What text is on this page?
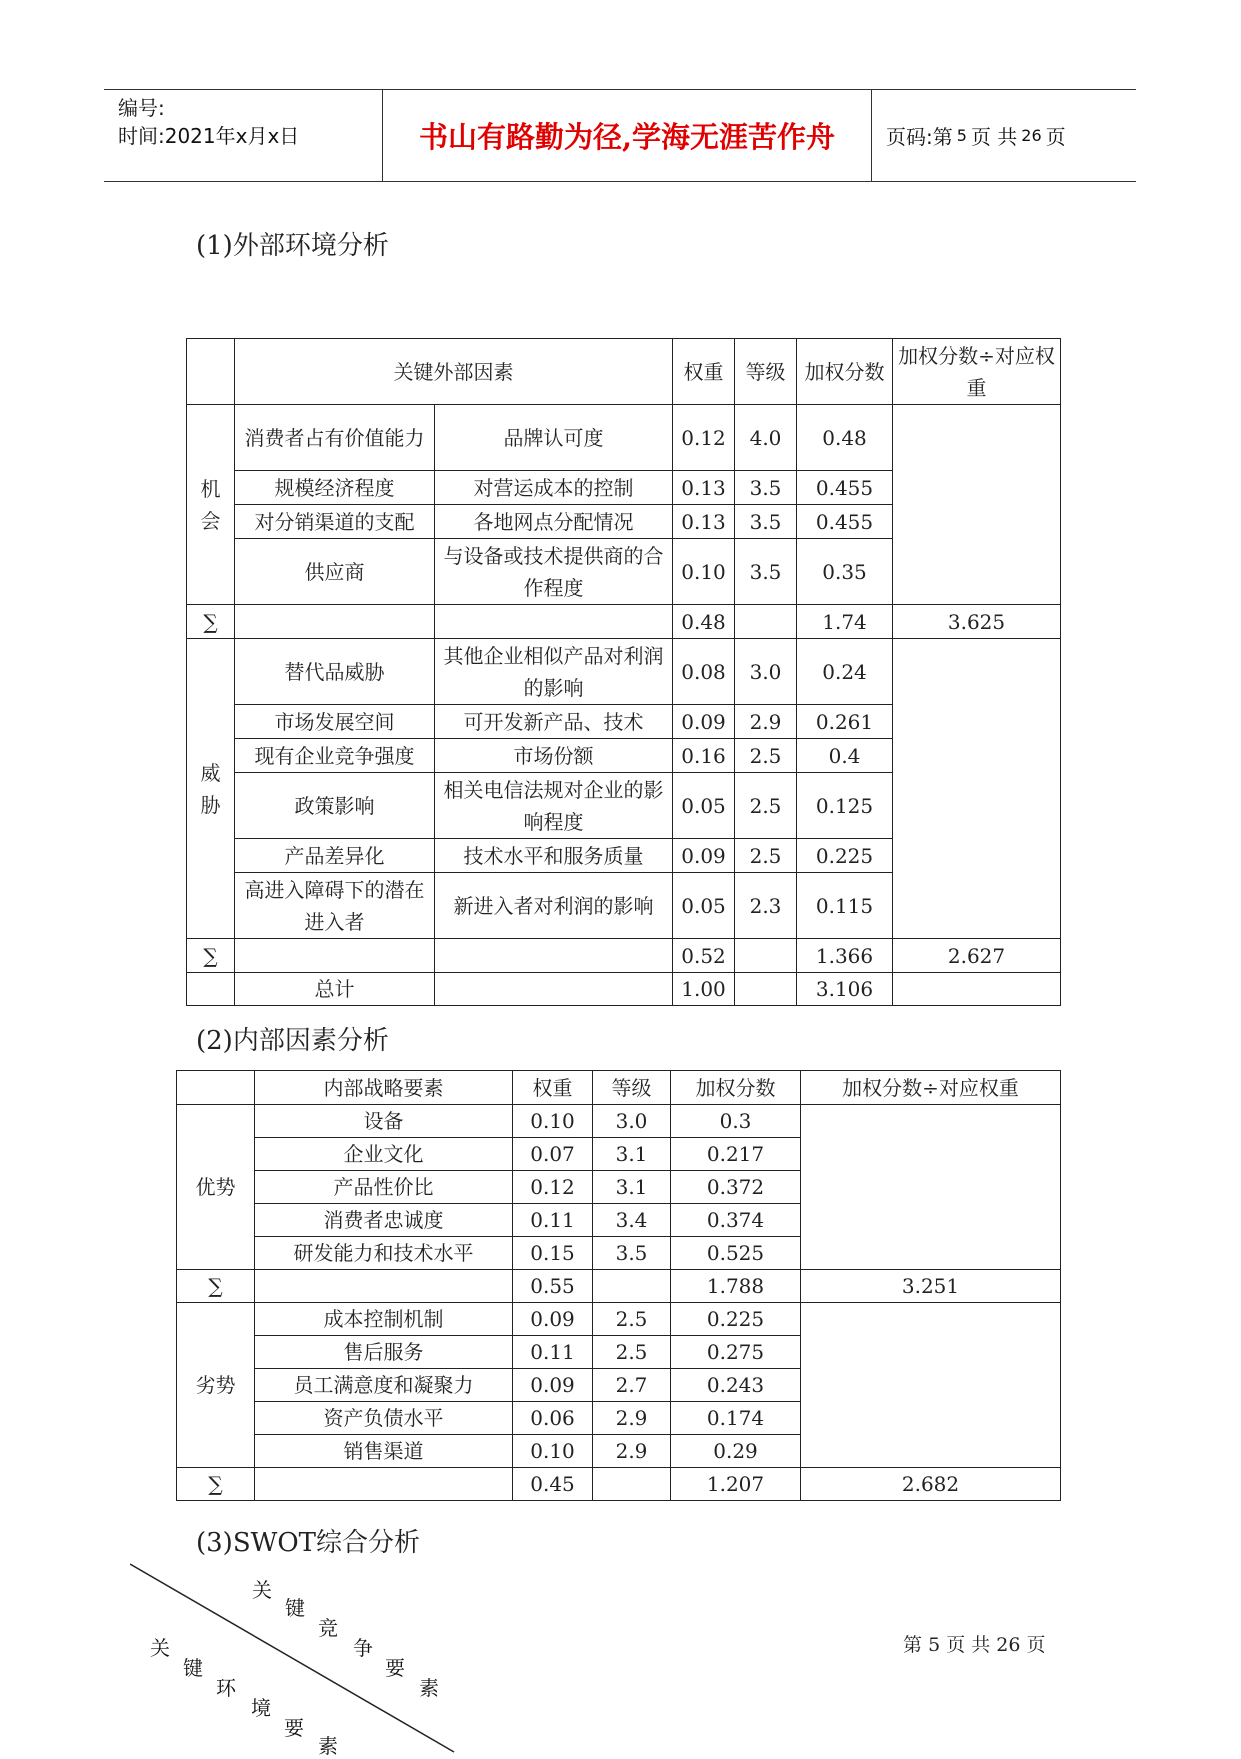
编号:
时间:2021年x月x日	书山有路勤为径,学海无涯苦作舟	页码:第 5 页 共 26 页
(1)外部环境分析
	关键外部因素		权重	等级	加权分数	加权分数÷对应权重
机会	消费者占有价值能力	品牌认可度	0.12	4.0	0.48	
	规模经济程度	对营运成本的控制	0.13	3.5	0.455	
	对分销渠道的支配	各地网点分配情况	0.13	3.5	0.455	
	供应商	与设备或技术提供商的合作程度	0.10	3.5	0.35	
∑			0.48		1.74	3.625
威胁	替代品威胁	其他企业相似产品对利润的影响	0.08	3.0	0.24	
	市场发展空间	可开发新产品、技术	0.09	2.9	0.261	
	现有企业竞争强度	市场份额	0.16	2.5	0.4	
	政策影响	相关电信法规对企业的影响程度	0.05	2.5	0.125	
	产品差异化	技术水平和服务质量	0.09	2.5	0.225	
	高进入障碍下的潜在进入者	新进入者对利润的影响	0.05	2.3	0.115	
∑			0.52		1.366	2.627
	总计		1.00		3.106	
(2)内部因素分析
	内部战略要素	权重	等级	加权分数	加权分数÷对应权重
优势	设备	0.10	3.0	0.3	
	企业文化	0.07	3.1	0.217	
	产品性价比	0.12	3.1	0.372	
	消费者忠诚度	0.11	3.4	0.374	
	研发能力和技术水平	0.15	3.5	0.525	
∑		0.55		1.788	3.251
劣势	成本控制机制	0.09	2.5	0.225	
	售后服务	0.11	2.5	0.275	
	员工满意度和凝聚力	0.09	2.7	0.243	
	资产负债水平	0.06	2.9	0.174	
	销售渠道	0.10	2.9	0.29	
∑		0.45		1.207	2.682
(3)SWOT综合分析
关
键
竞
争
要
素
关
键
环
境
要
素
第 5 页 共 26 页
